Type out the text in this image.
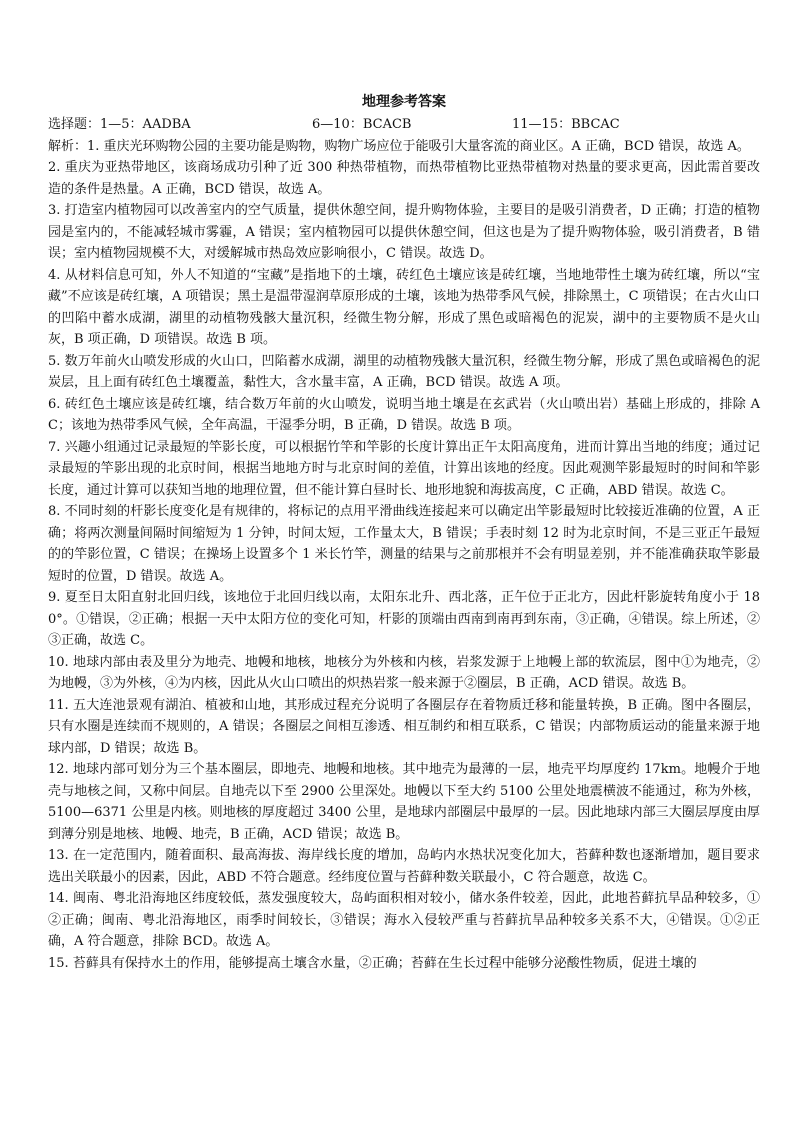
地理参考答案
选择题：1—5：AADBA	6—10：BCACB	11—15：BBCAC

解析：1. 重庆光环购物公园的主要功能是购物，购物广场应位于能吸引大量客流的商业区。A 正确，BCD 错误，故选 A。

2. 重庆为亚热带地区，该商场成功引种了近 300 种热带植物，而热带植物比亚热带植物对热量的要求更高，因此需首要改造的条件是热量。A 正确，BCD 错误，故选 A。

3. 打造室内植物园可以改善室内的空气质量，提供休憩空间，提升购物体验，主要目的是吸引消费者，D 正确；打造的植物园是室内的，不能减轻城市雾霾，A 错误；室内植物园可以提供休憩空间，但这也是为了提升购物体验，吸引消费者，B 错误；室内植物园规模不大，对缓解城市热岛效应影响很小，C 错误。故选 D。

4. 从材料信息可知，外人不知道的“宝藏”是指地下的土壤，砖红色土壤应该是砖红壤，当地地带性土壤为砖红壤，所以“宝藏”不应该是砖红壤，A 项错误；黑土是温带湿润草原形成的土壤，该地为热带季风气候，排除黑土，C 项错误；在古火山口的凹陷中蓄水成湖，湖里的动植物残骸大量沉积，经微生物分解，形成了黑色或暗褐色的泥炭，湖中的主要物质不是火山灰，B 项正确，D 项错误。故选 B 项。

5. 数万年前火山喷发形成的火山口，凹陷蓄水成湖，湖里的动植物残骸大量沉积，经微生物分解，形成了黑色或暗褐色的泥炭层，且上面有砖红色土壤覆盖，黏性大，含水量丰富，A 正确，BCD 错误。故选 A 项。

6. 砖红色土壤应该是砖红壤，结合数万年前的火山喷发，说明当地土壤是在玄武岩（火山喷出岩）基础上形成的，排除 AC；该地为热带季风气候，全年高温，干湿季分明，B 正确，D 错误。故选 B 项。

7. 兴趣小组通过记录最短的竿影长度，可以根据竹竿和竿影的长度计算出正午太阳高度角，进而计算出当地的纬度；通过记录最短的竿影出现的北京时间，根据当地地方时与北京时间的差值，计算出该地的经度。因此观测竿影最短时的时间和竿影长度，通过计算可以获知当地的地理位置，但不能计算白昼时长、地形地貌和海拔高度，C 正确，ABD 错误。故选 C。

8. 不同时刻的杆影长度变化是有规律的，将标记的点用平滑曲线连接起来可以确定出竿影最短时比较接近准确的位置，A 正确；将两次测量间隔时间缩短为 1 分钟，时间太短，工作量太大，B 错误；手表时刻 12 时为北京时间，不是三亚正午最短的的竿影位置，C 错误；在操场上设置多个 1 米长竹竿，测量的结果与之前那根并不会有明显差别，并不能准确获取竿影最短时的位置，D 错误。故选 A。

9. 夏至日太阳直射北回归线，该地位于北回归线以南，太阳东北升、西北落，正午位于正北方，因此杆影旋转角度小于 180°。①错误，②正确；根据一天中太阳方位的变化可知，杆影的顶端由西南到南再到东南，③正确，④错误。综上所述，②③正确，故选 C。

10. 地球内部由表及里分为地壳、地幔和地核，地核分为外核和内核，岩浆发源于上地幔上部的软流层，图中①为地壳，②为地幔，③为外核，④为内核，因此从火山口喷出的炽热岩浆一般来源于②圈层，B 正确，ACD 错误。故选 B。

11. 五大连池景观有湖泊、植被和山地，其形成过程充分说明了各圈层存在着物质迁移和能量转换，B 正确。图中各圈层，只有水圈是连续而不规则的，A 错误；各圈层之间相互渗透、相互制约和相互联系，C 错误；内部物质运动的能量来源于地球内部，D 错误；故选 B。

12. 地球内部可划分为三个基本圈层，即地壳、地幔和地核。其中地壳为最薄的一层，地壳平均厚度约 17km。地幔介于地壳与地核之间，又称中间层。自地壳以下至 2900 公里深处。地幔以下至大约 5100 公里处地震横波不能通过，称为外核，5100—6371 公里是内核。则地核的厚度超过 3400 公里，是地球内部圈层中最厚的一层。因此地球内部三大圈层厚度由厚到薄分别是地核、地幔、地壳，B 正确，ACD 错误；故选 B。

13. 在一定范围内，随着面积、最高海拔、海岸线长度的增加，岛屿内水热状况变化加大，苔藓种数也逐渐增加，题目要求选出关联最小的因素，因此，ABD 不符合题意。经纬度位置与苔藓种数关联最小，C 符合题意，故选 C。

14. 闽南、粤北沿海地区纬度较低，蒸发强度较大，岛屿面积相对较小，储水条件较差，因此，此地苔藓抗旱品种较多，①②正确；闽南、粤北沿海地区，雨季时间较长，③错误；海水入侵较严重与苔藓抗旱品种较多关系不大，④错误。①②正确，A 符合题意，排除 BCD。故选 A。

15. 苔藓具有保持水土的作用，能够提高土壤含水量，②正确；苔藓在生长过程中能够分泌酸性物质，促进土壤的
